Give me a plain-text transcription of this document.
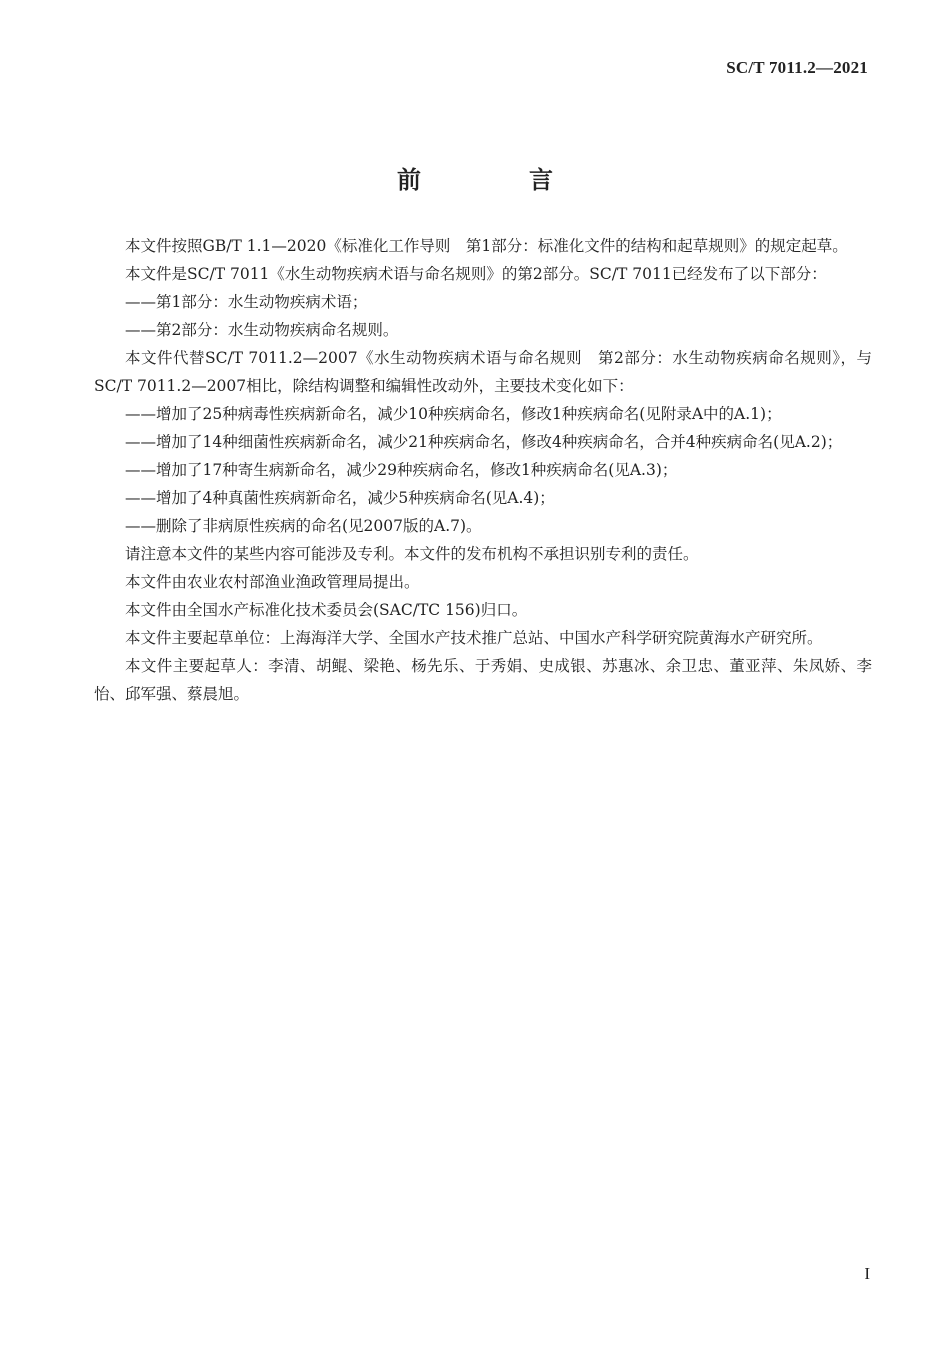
SC/T 7011.2—2021
前　言

本文件按照GB/T 1.1—2020《标准化工作导则　第1部分：标准化文件的结构和起草规则》的规定起草。

本文件是SC/T 7011《水生动物疾病术语与命名规则》的第2部分。SC/T 7011已经发布了以下部分：

——第1部分：水生动物疾病术语；

——第2部分：水生动物疾病命名规则。

本文件代替SC/T 7011.2—2007《水生动物疾病术语与命名规则　第2部分：水生动物疾病命名规则》，与SC/T 7011.2—2007相比，除结构调整和编辑性改动外，主要技术变化如下：

——增加了25种病毒性疾病新命名，减少10种疾病命名，修改1种疾病命名(见附录A中的A.1)；

——增加了14种细菌性疾病新命名，减少21种疾病命名，修改4种疾病命名，合并4种疾病命名(见A.2)；

——增加了17种寄生病新命名，减少29种疾病命名，修改1种疾病命名(见A.3)；

——增加了4种真菌性疾病新命名，减少5种疾病命名(见A.4)；

——删除了非病原性疾病的命名(见2007版的A.7)。

请注意本文件的某些内容可能涉及专利。本文件的发布机构不承担识别专利的责任。

本文件由农业农村部渔业渔政管理局提出。

本文件由全国水产标准化技术委员会(SAC/TC 156)归口。

本文件主要起草单位：上海海洋大学、全国水产技术推广总站、中国水产科学研究院黄海水产研究所。

本文件主要起草人：李清、胡鲲、梁艳、杨先乐、于秀娟、史成银、苏惠冰、余卫忠、董亚萍、朱凤娇、李怡、邱军强、蔡晨旭。

I
